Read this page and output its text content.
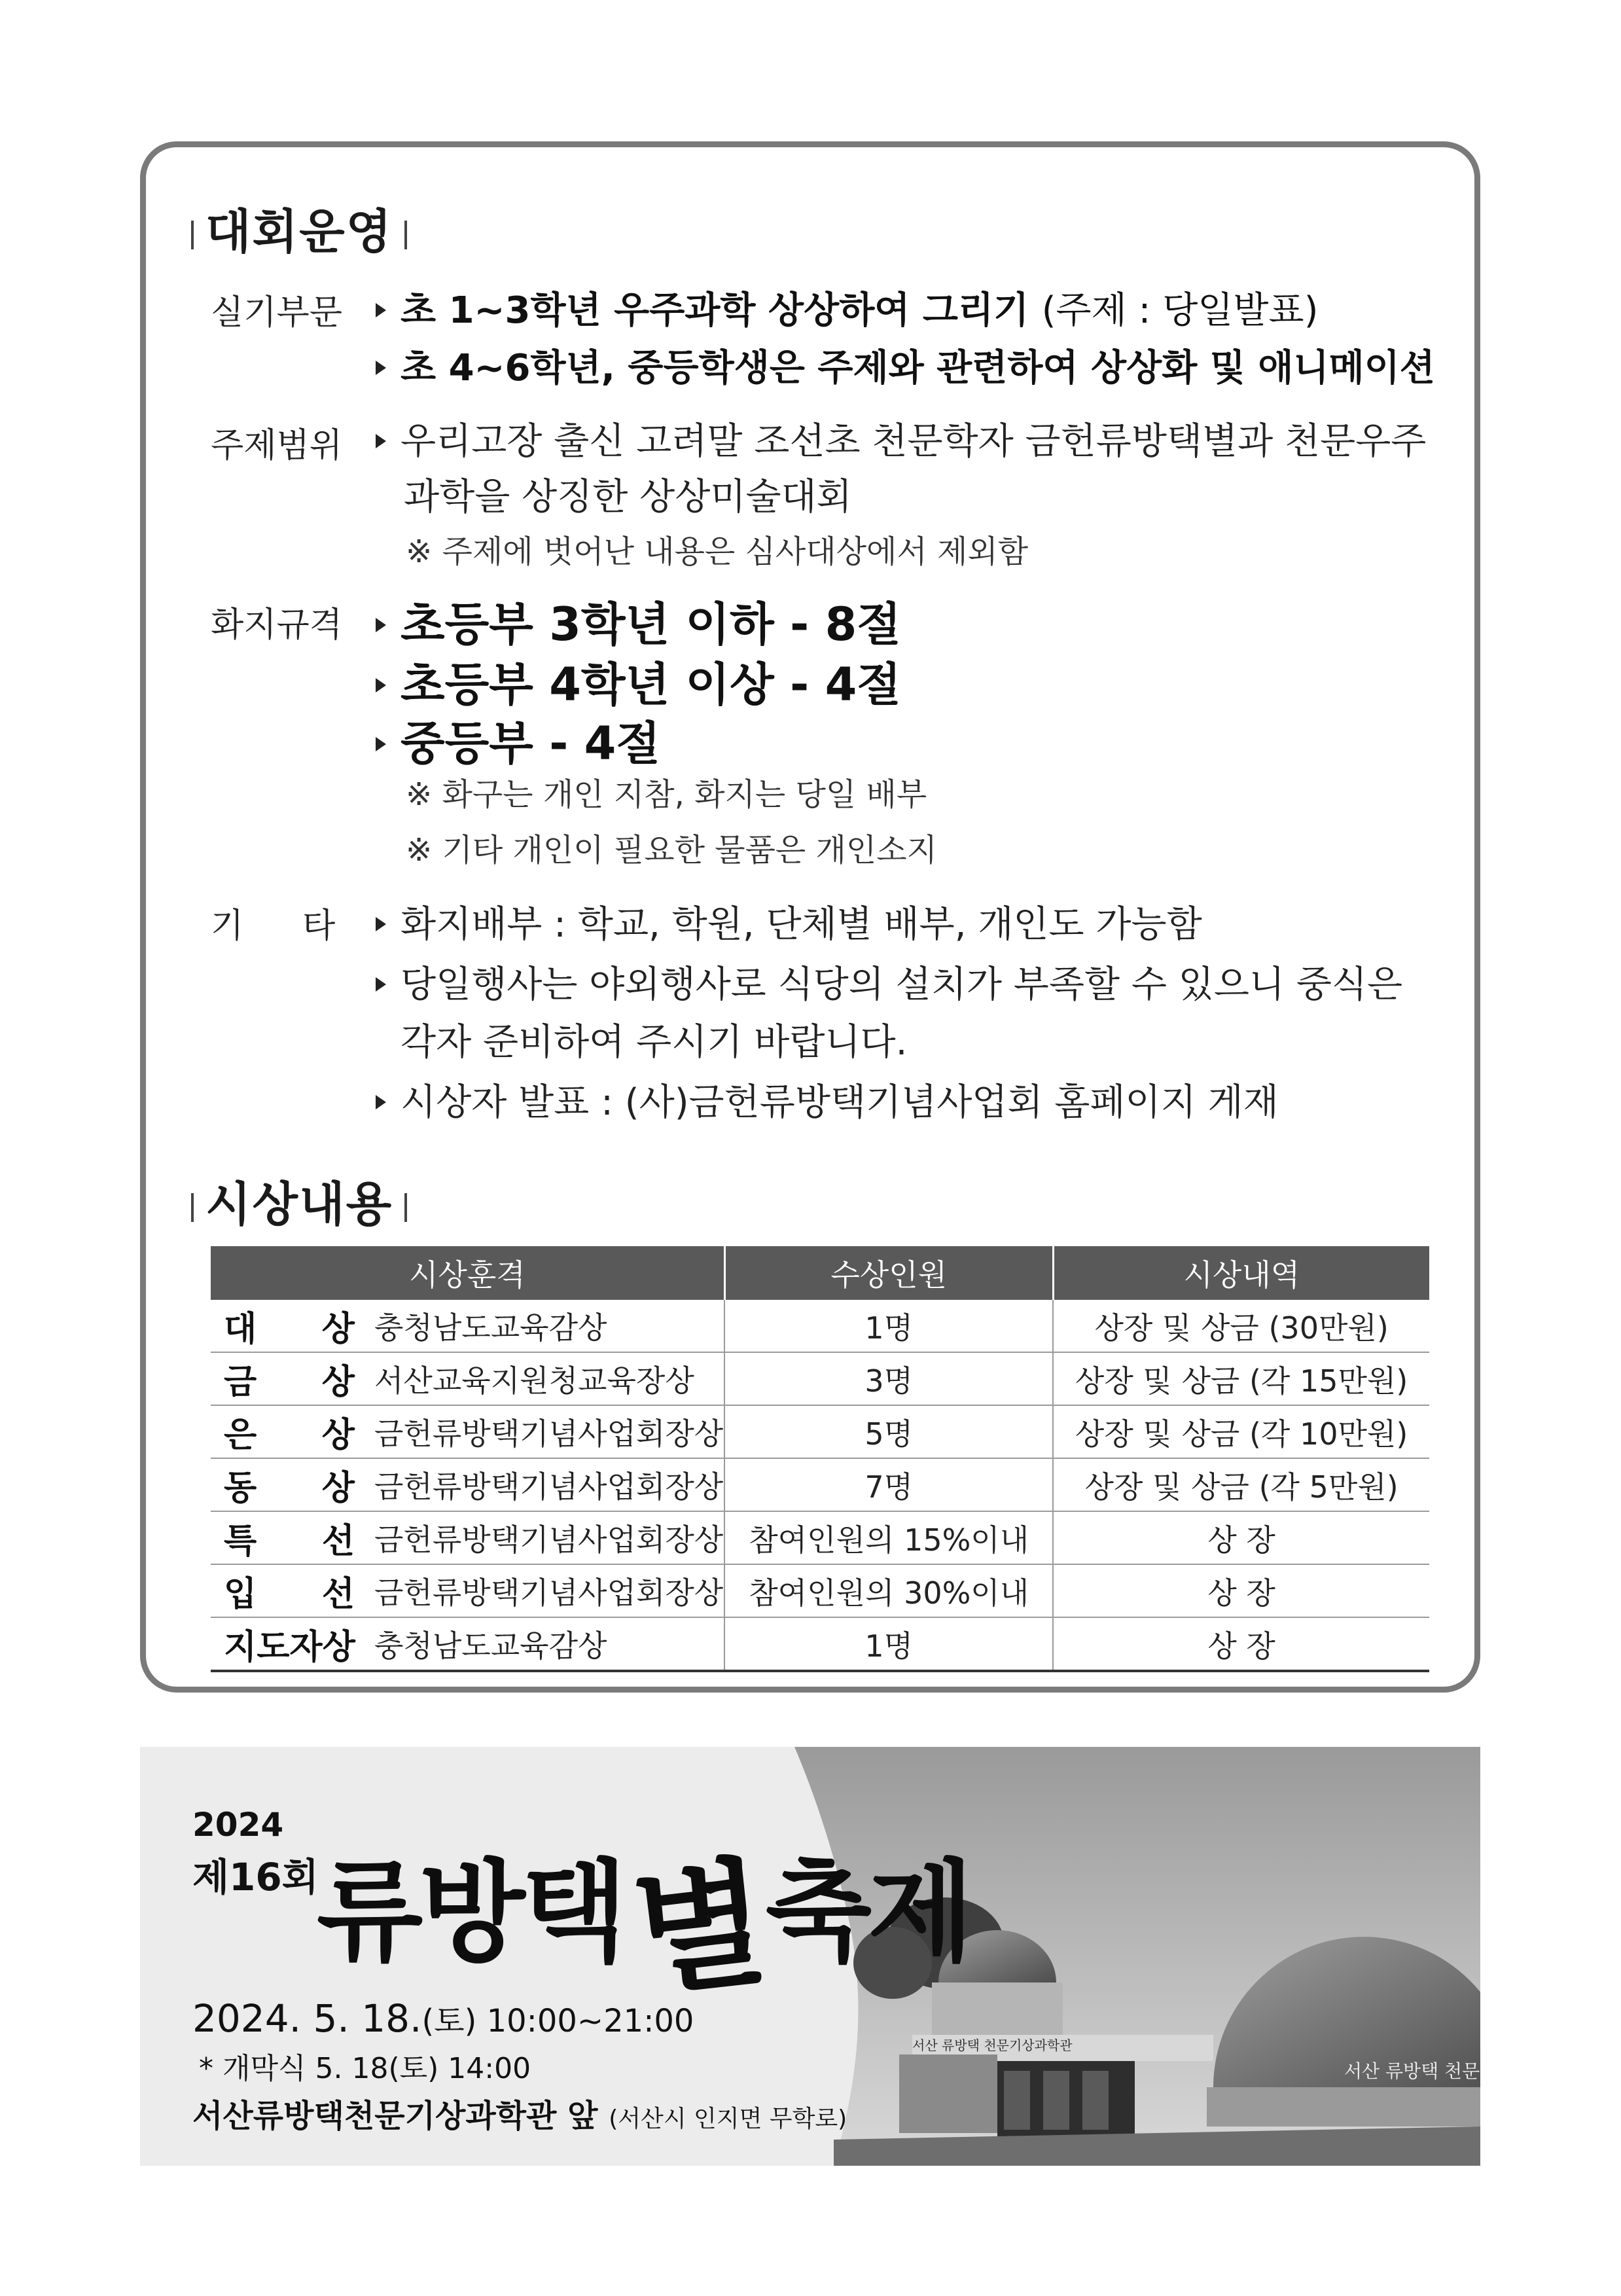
대회운영
실기부문	초 1~3학년 우주과학 상상하여 그리기 (주제 : 당일발표)
초 4~6학년, 중등학생은 주제와 관련하여 상상화 및 애니메이션
주제범위	우리고장 출신 고려말 조선초 천문학자 금헌류방택별과 천문우주
과학을 상징한 상상미술대회
※ 주제에 벗어난 내용은 심사대상에서 제외함
화지규격	초등부 3학년 이하 - 8절
초등부 4학년 이상 - 4절
중등부 - 4절
※ 화구는 개인 지참, 화지는 당일 배부
※ 기타 개인이 필요한 물품은 개인소지
기 타	화지배부 : 학교, 학원, 단체별 배부, 개인도 가능함
당일행사는 야외행사로 식당의 설치가 부족할 수 있으니 중식은
각자 준비하여 주시기 바랍니다.
시상자 발표 : (사)금헌류방택기념사업회 홈페이지 게재
시상내용
시상훈격	수상인원	시상내역
대 상 충청남도교육감상	1명	상장 및 상금 (30만원)
금 상 서산교육지원청교육장상	3명	상장 및 상금 (각 15만원)
은 상 금헌류방택기념사업회장상	5명	상장 및 상금 (각 10만원)
동 상 금헌류방택기념사업회장상	7명	상장 및 상금 (각 5만원)
특 선 금헌류방택기념사업회장상	참여인원의 15%이내	상 장
입 선 금헌류방택기념사업회장상	참여인원의 30%이내	상 장
지도자상 충청남도교육감상	1명	상 장
서산 류방택 천문기상과학관
서산 류방택 천문
2024
제16회
류방택별축제
2024. 5. 18.(토) 10:00~21:00
* 개막식 5. 18(토) 14:00
서산류방택천문기상과학관 앞 (서산시 인지면 무학로)
